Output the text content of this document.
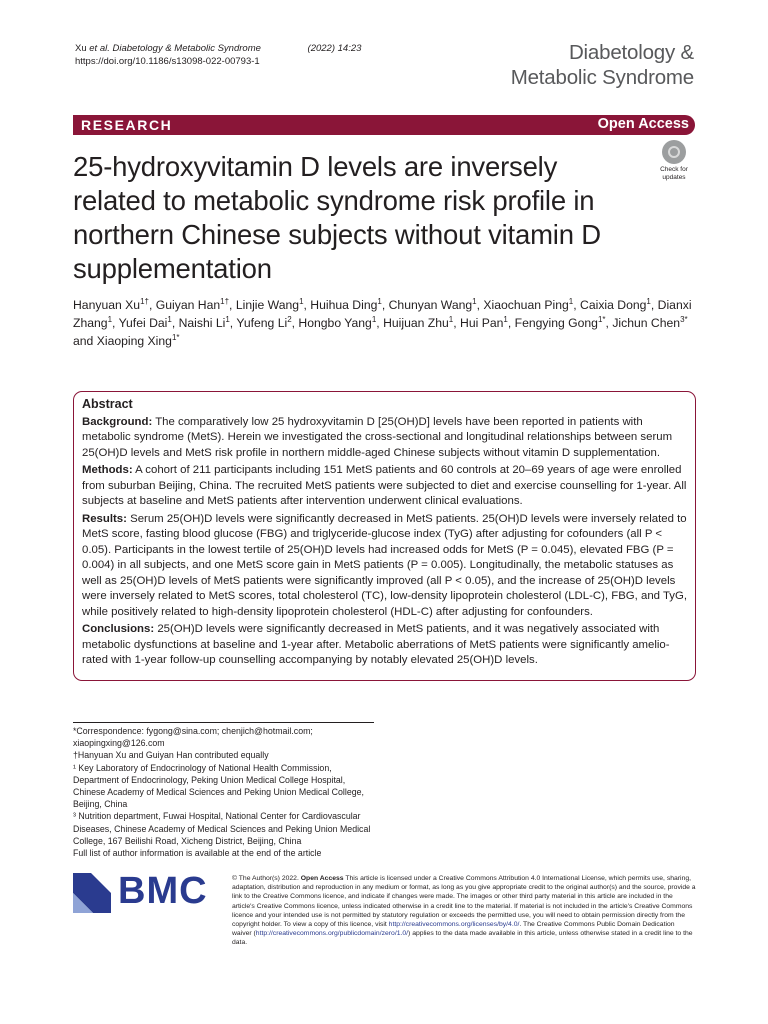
Xu et al. Diabetology & Metabolic Syndrome	(2022) 14:23
https://doi.org/10.1186/s13098-022-00793-1	Diabetology &
Metabolic Syndrome
RESEARCH	Open Access
25-hydroxyvitamin D levels are inversely related to metabolic syndrome risk profile in northern Chinese subjects without vitamin D supplementation
Check for
updates
Hanyuan $Xu^{1\dagger}$, Guiyan Han$^{1\dagger}$, Linjie Wang$^1$, Huihua Ding$^1$, Chunyan Wang$^1$, Xiaochuan Ping$^1$, Caixia Dong$^1$, Dianxi Zhang$^1$, Yufei Dai$^1$, Naishi Li$^1$, Yufeng Li$^2$, Hongbo Yang$^1$, Huijuan Zhu$^1$, Hui Pan$^1$, Fengying Gong$^{1*}$, Jichun Chen$^{3*}$ and Xiaoping Xing$^{1*}$
Abstract

Background: The comparatively low 25 hydroxyvitamin D [25(OH)D] levels have been reported in patients with metabolic syndrome (MetS). Herein we investigated the cross-sectional and longitudinal relationships between serum 25(OH)D levels and MetS risk profile in northern middle-aged Chinese subjects without vitamin D supplementation.

Methods: A cohort of 211 participants including 151 MetS patients and 60 controls at 20–69 years of age were enrolled from suburban Beijing, China. The recruited MetS patients were subjected to diet and exercise counselling for 1-year. All subjects at baseline and MetS patients after intervention underwent clinical evaluations.

Results: Serum 25(OH)D levels were significantly decreased in MetS patients. 25(OH)D levels were inversely related to MetS score, fasting blood glucose (FBG) and triglyceride-glucose index (TyG) after adjusting for cofounders (all P < 0.05). Participants in the lowest tertile of 25(OH)D levels had increased odds for MetS (P = 0.045), elevated FBG (P = 0.004) in all subjects, and one MetS score gain in MetS patients (P = 0.005). Longitudinally, the metabolic statuses as well as 25(OH)D levels of MetS patients were significantly improved (all P < 0.05), and the increase of 25(OH)D levels were inversely related to MetS scores, total cholesterol (TC), low-density lipoprotein cholesterol (LDL-C), FBG, and TyG, while positively related to high-density lipoprotein cholesterol (HDL-C) after adjusting for confounders.

Conclusions: 25(OH)D levels were significantly decreased in MetS patients, and it was negatively associated with metabolic dysfunctions at baseline and 1-year after. Metabolic aberrations of MetS patients were significantly amelio-rated with 1-year follow-up counselling accompanying by notably elevated 25(OH)D levels.

*Correspondence: fygong@sina.com; chenjich@hotmail.com; xiaopingxing@126.com

†Hanyuan Xu and Guiyan Han contributed equally

¹ Key Laboratory of Endocrinology of National Health Commission, Department of Endocrinology, Peking Union Medical College Hospital, Chinese Academy of Medical Sciences and Peking Union Medical College, Beijing, China

³ Nutrition department, Fuwai Hospital, National Center for Cardiovascular Diseases, Chinese Academy of Medical Sciences and Peking Union Medical College, 167 Beilishi Road, Xicheng District, Beijing, China

Full list of author information is available at the end of the article

BMC	© The Author(s) 2022. Open Access This article is licensed under a Creative Commons Attribution 4.0 International License, which permits use, sharing, adaptation, distribution and reproduction in any medium or format, as long as you give appropriate credit to the original author(s) and the source, provide a link to the Creative Commons licence, and indicate if changes were made. The images or other third party material in this article are included in the article's Creative Commons licence, unless indicated otherwise in a credit line to the material. If material is not included in the article's Creative Commons licence and your intended use is not permitted by statutory regulation or exceeds the permitted use, you will need to obtain permission directly from the copyright holder. To view a copy of this licence, visit http://creativecommons.org/licenses/by/4.0/. The Creative Commons Public Domain Dedication waiver (http://creativecommons.org/publicdomain/zero/1.0/) applies to the data made available in this article, unless otherwise stated in a credit line to the data.
